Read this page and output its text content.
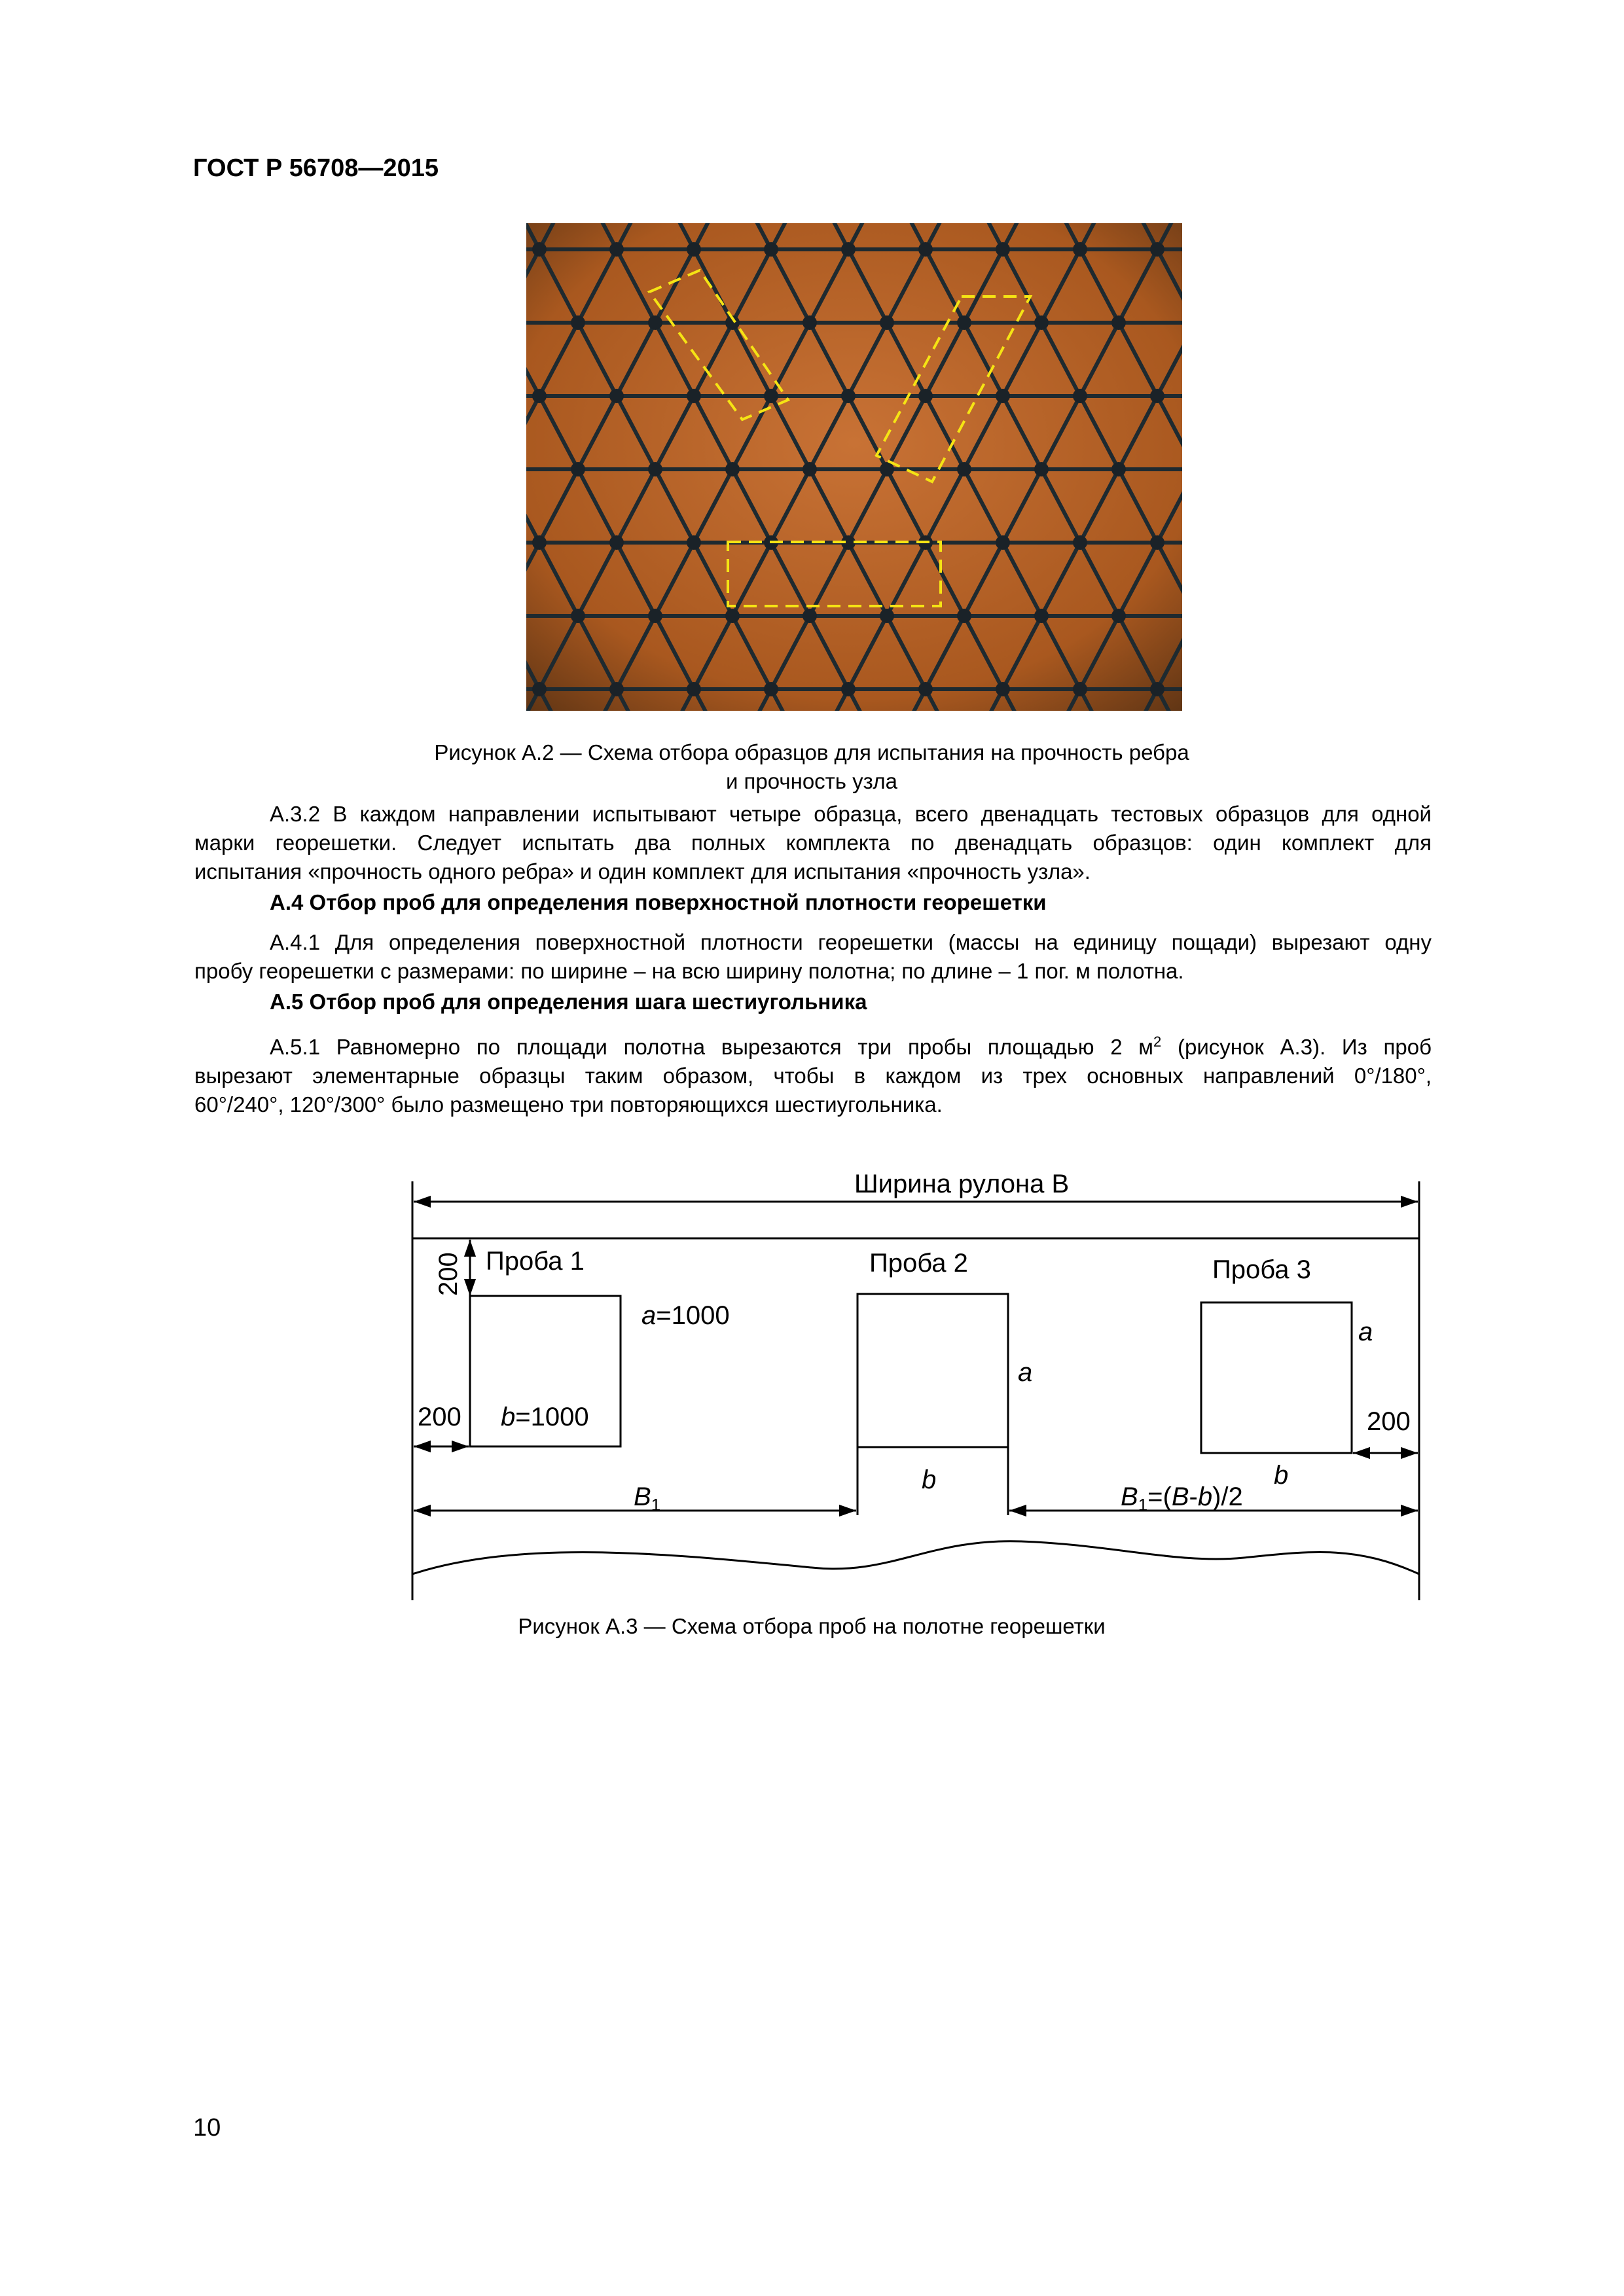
ГОСТ Р 56708—2015
Рисунок А.2 — Схема отбора образцов для испытания на прочность ребра
и прочность узла
А.3.2 В каждом направлении испытывают четыре образца, всего двенадцать тестовых образцов для одной
марки георешетки. Следует испытать два полных комплекта по двенадцать образцов: один комплект для
испытания «прочность одного ребра» и один комплект для испытания «прочность узла».
А.4 Отбор проб для определения поверхностной плотности георешетки
А.4.1 Для определения поверхностной плотности георешетки (массы на единицу пощади) вырезают одну
пробу георешетки с размерами: по ширине – на всю ширину полотна; по длине – 1 пог. м полотна.
А.5 Отбор проб для определения шага шестиугольника
А.5.1 Равномерно по площади полотна вырезаются три пробы площадью 2 $м^2$ (рисунок А.3). Из проб
вырезают элементарные образцы таким образом, чтобы в каждом из трех основных направлений 0°/180°,
60°/240°, 120°/300° было размещено три повторяющихся шестиугольника.
Ширина рулона В
200 Проба 1	Проба 2	Проба 3
a=1000
b=1000
200	200
a
a
b	b
$B_1$	$B_1=(B-b)/2$
Рисунок А.3 — Схема отбора проб на полотне георешетки
10
